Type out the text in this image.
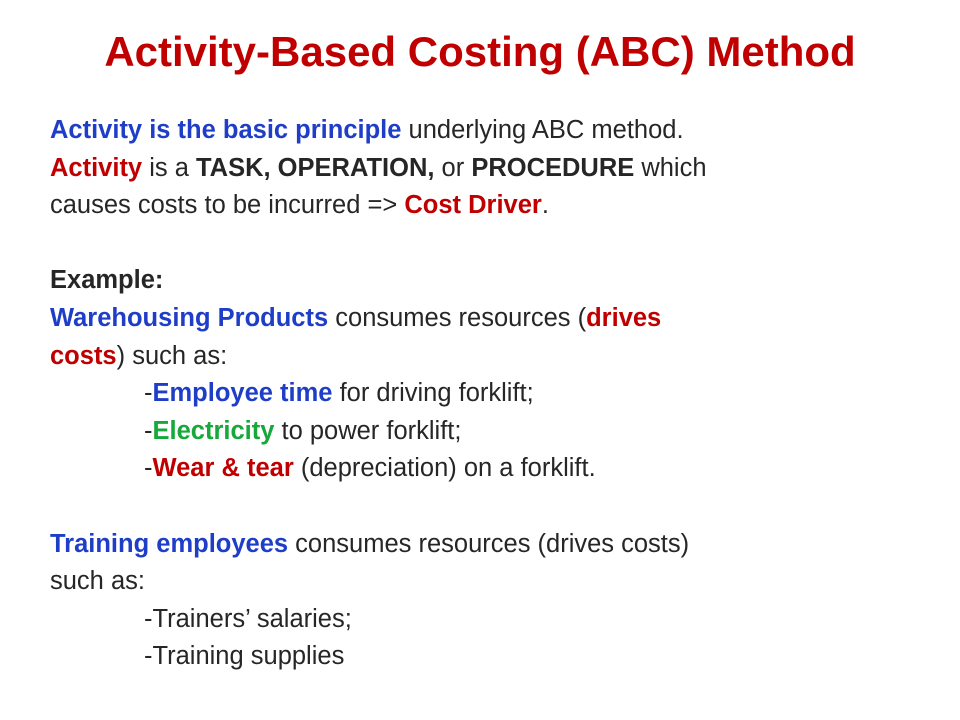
Activity-Based Costing (ABC) Method
Activity is the basic principle underlying ABC method.
Activity is a TASK, OPERATION, or PROCEDURE which
causes costs to be incurred => Cost Driver.
Example:
Warehousing Products consumes resources (drives
costs) such as:
-Employee time for driving forklift;
-Electricity to power forklift;
-Wear & tear (depreciation) on a forklift.
Training employees consumes resources (drives costs)
such as:
-Trainers’ salaries;
-Training supplies
